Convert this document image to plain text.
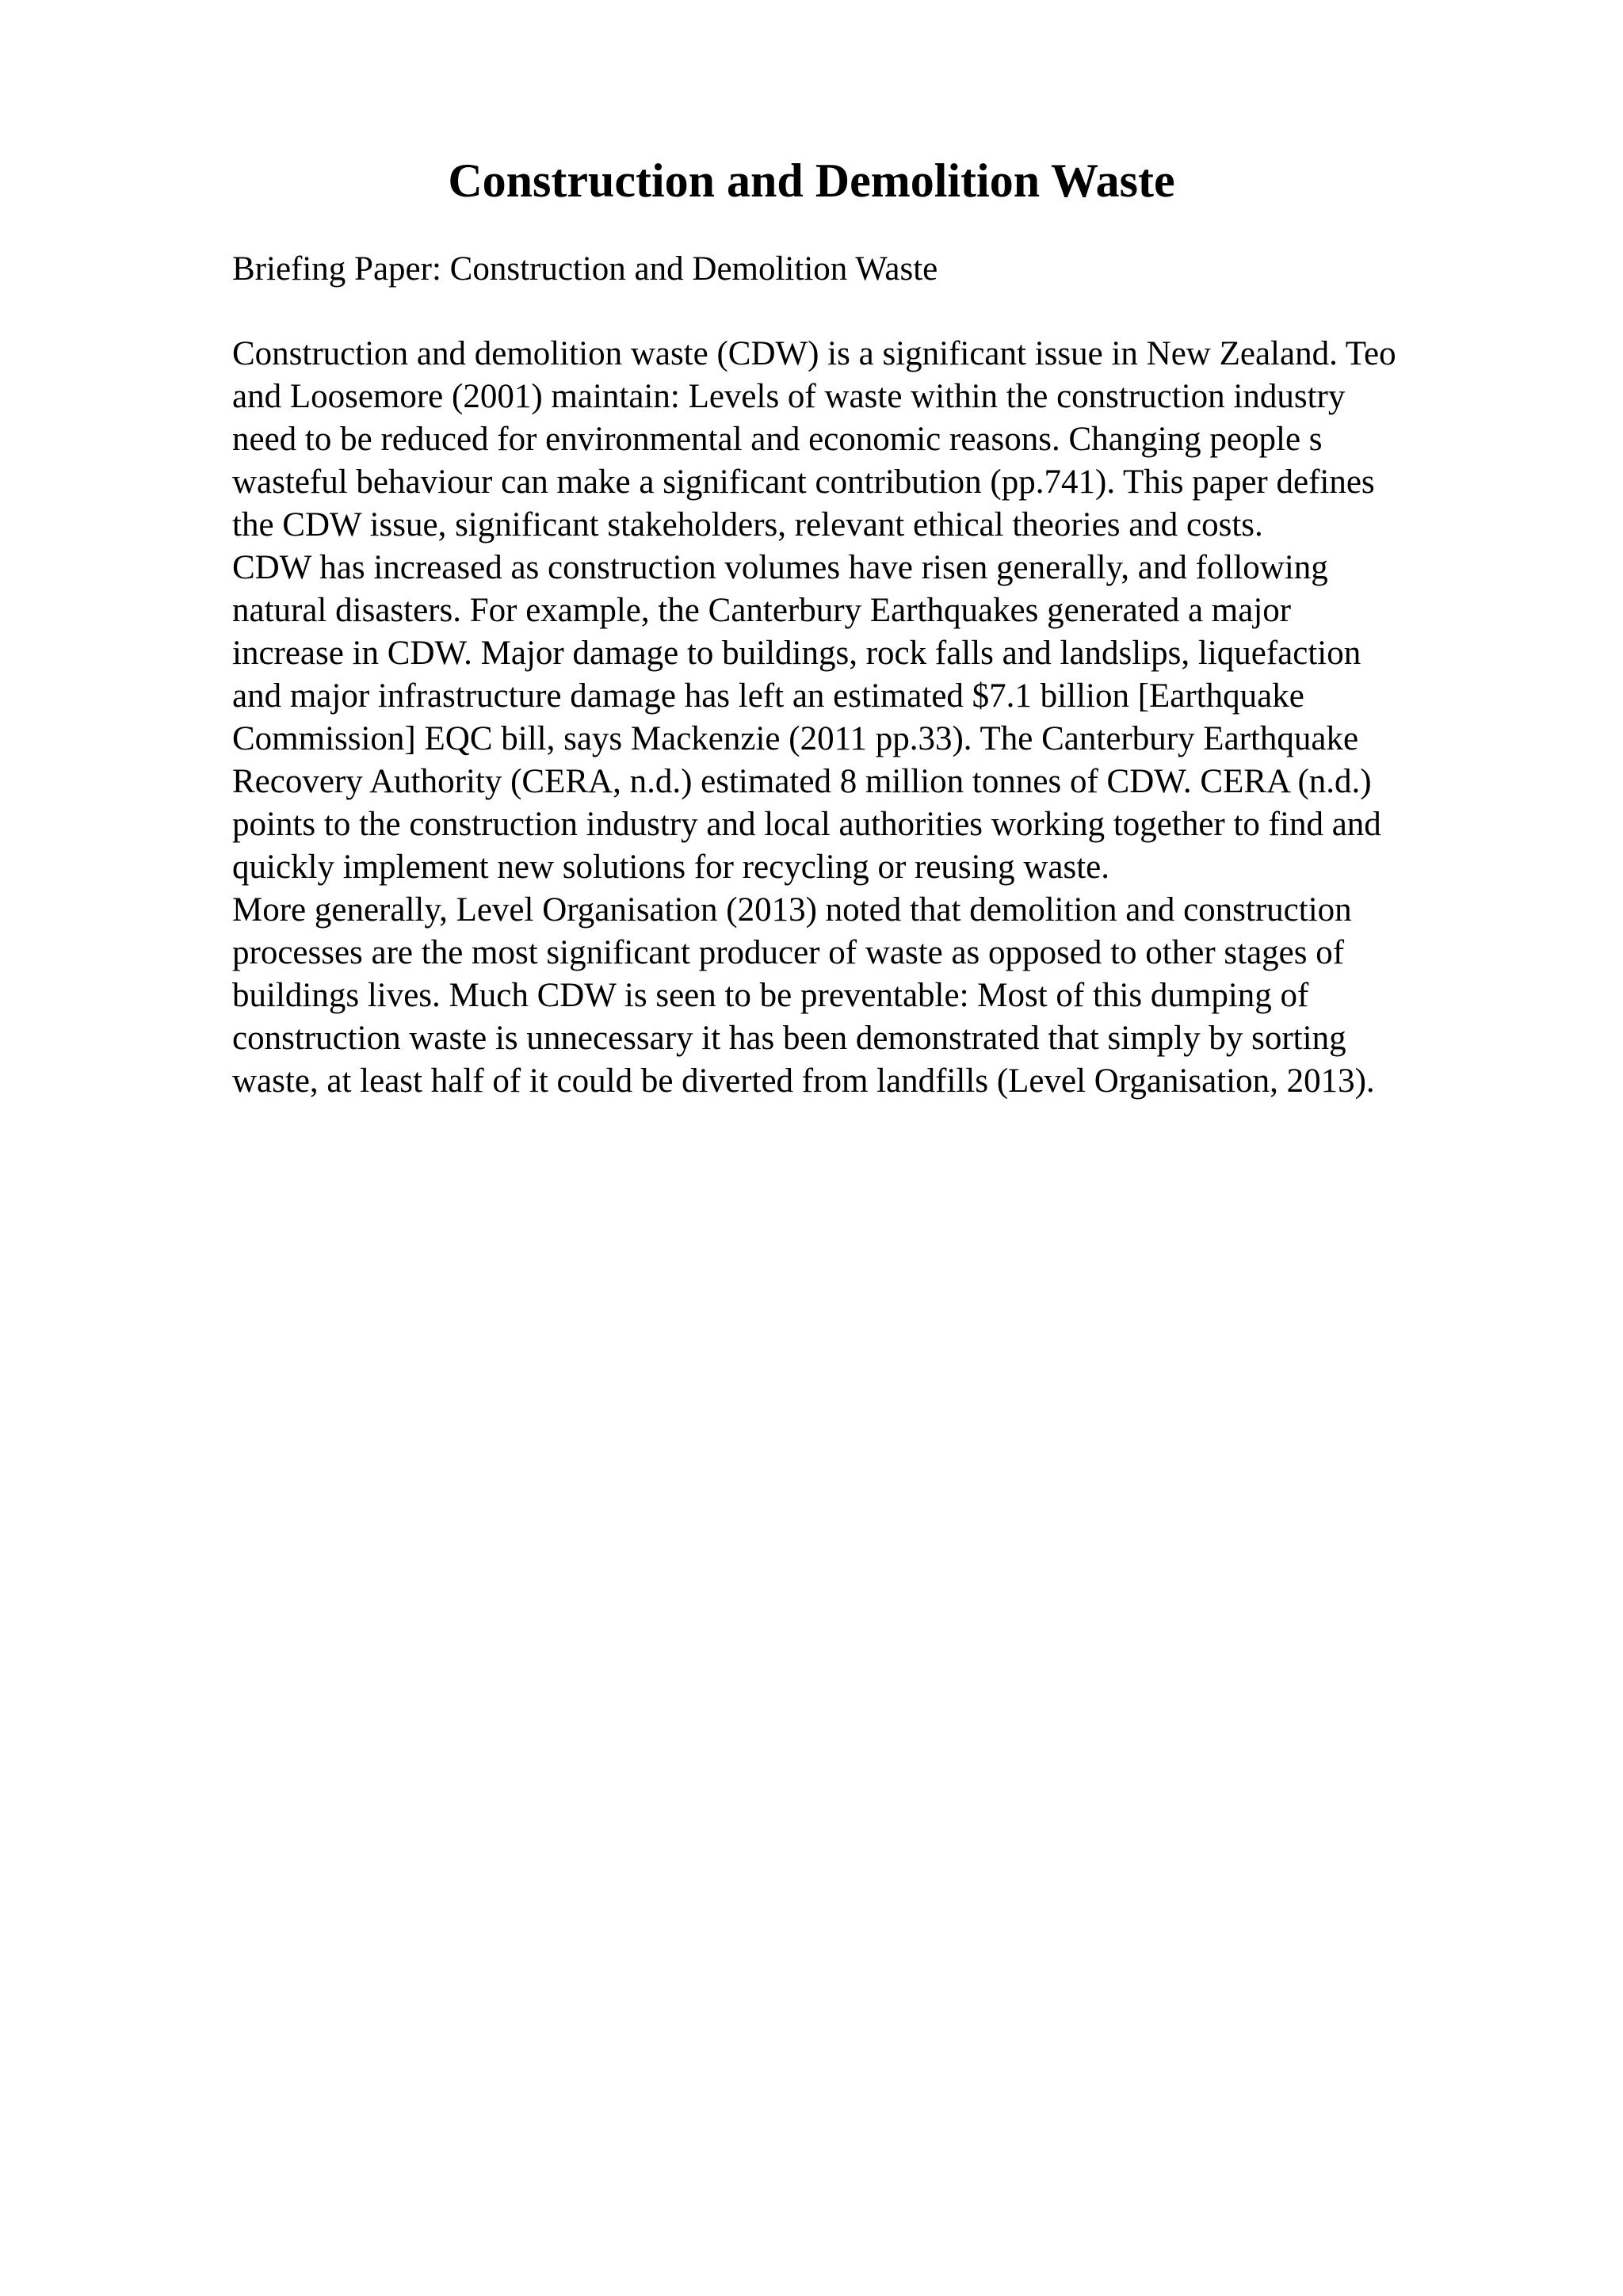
Construction and Demolition Waste

Briefing Paper: Construction and Demolition Waste

Construction and demolition waste (CDW) is a significant issue in New Zealand. Teo
and Loosemore (2001) maintain: Levels of waste within the construction industry
need to be reduced for environmental and economic reasons. Changing people s
wasteful behaviour can make a significant contribution (pp.741). This paper defines
the CDW issue, significant stakeholders, relevant ethical theories and costs.
CDW has increased as construction volumes have risen generally, and following
natural disasters. For example, the Canterbury Earthquakes generated a major
increase in CDW. Major damage to buildings, rock falls and landslips, liquefaction
and major infrastructure damage has left an estimated $7.1 billion [Earthquake
Commission] EQC bill, says Mackenzie (2011 pp.33). The Canterbury Earthquake
Recovery Authority (CERA, n.d.) estimated 8 million tonnes of CDW. CERA (n.d.)
points to the construction industry and local authorities working together to find and
quickly implement new solutions for recycling or reusing waste.
More generally, Level Organisation (2013) noted that demolition and construction
processes are the most significant producer of waste as opposed to other stages of
buildings lives. Much CDW is seen to be preventable: Most of this dumping of
construction waste is unnecessary it has been demonstrated that simply by sorting
waste, at least half of it could be diverted from landfills (Level Organisation, 2013).
